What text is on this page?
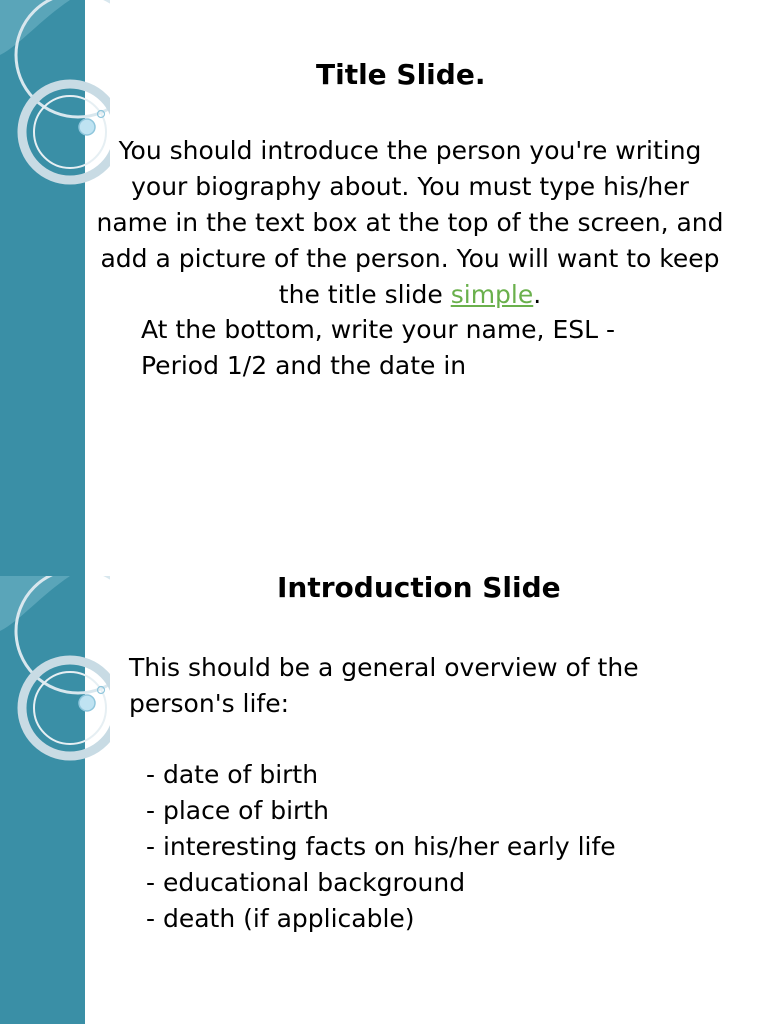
Title Slide.

You should introduce the person you're writing your biography about. You must type his/her name in the text box at the top of the screen, and add a picture of the person. You will want to keep the title slide simple.

At the bottom, write your name, ESL -
Period 1/2 and the date in

Introduction Slide

This should be a general overview of the
person's life:

- date of birth
- place of birth
- interesting facts on his/her early life
- educational background
- death (if applicable)
